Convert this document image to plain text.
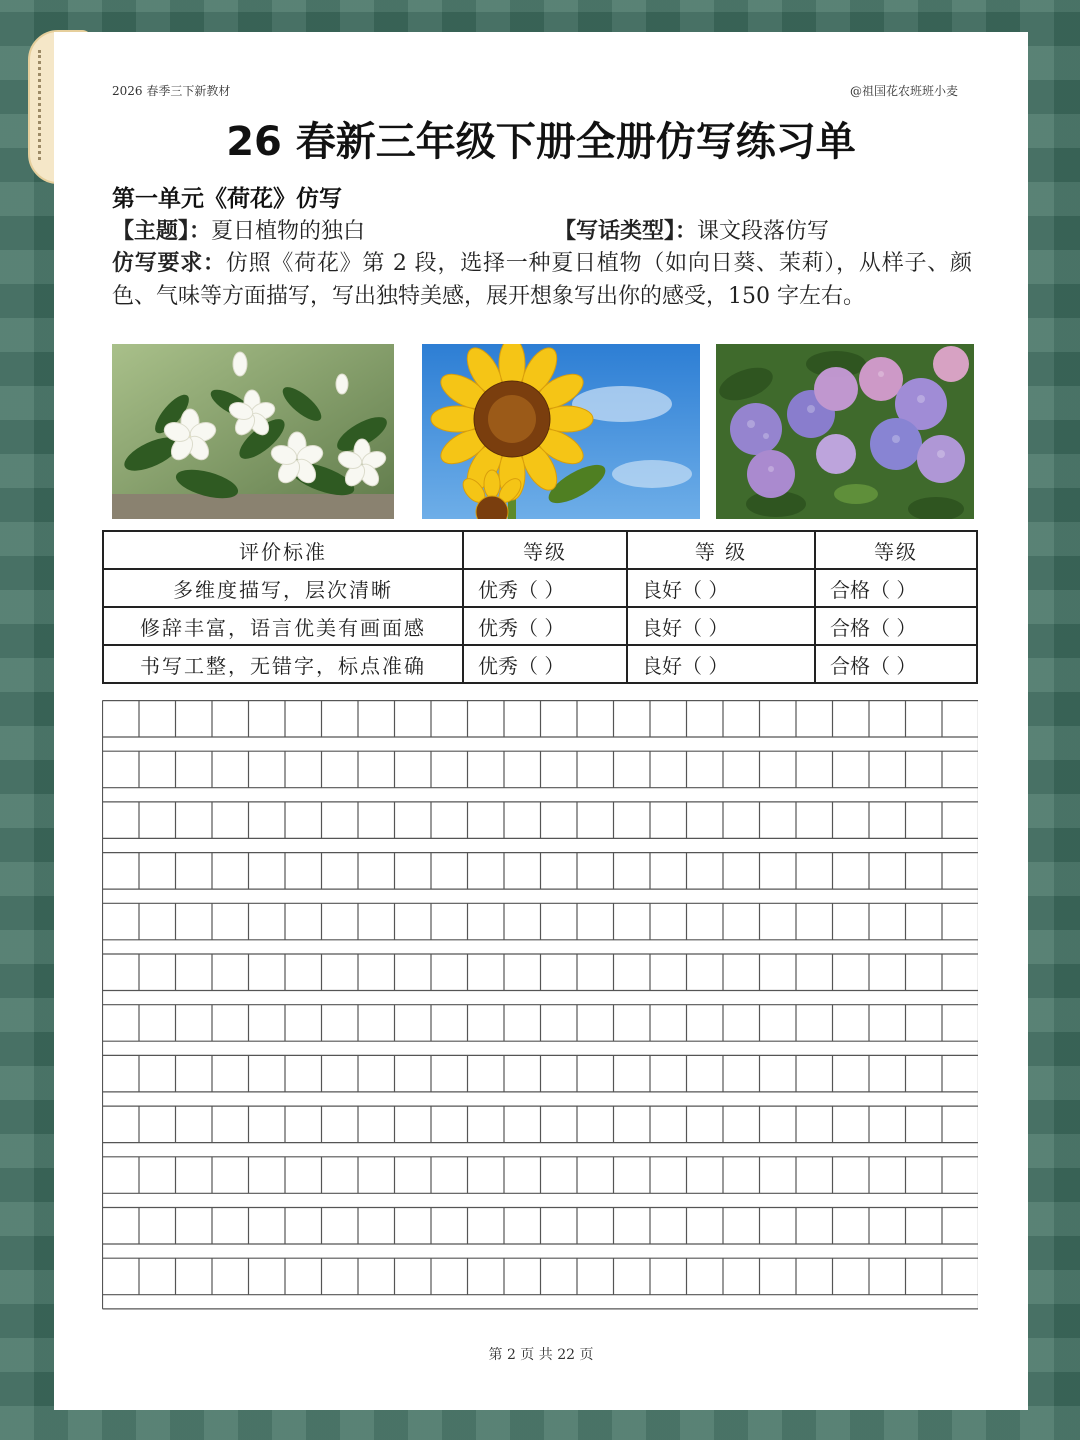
2026 春季三下新教材	@祖国花农班班小麦
26 春新三年级下册全册仿写练习单
第一单元《荷花》仿写
【主题】：夏日植物的独白	【写话类型】：课文段落仿写
仿写要求：仿照《荷花》第 2 段，选择一种夏日植物（如向日葵、茉莉），从样子、颜色、气味等方面描写，写出独特美感，展开想象写出你的感受，150 字左右。
评价标准	等级	等 级	等级
多维度描写，层次清晰	优秀（ ）	良好（ ）	合格（ ）
修辞丰富，语言优美有画面感	优秀（ ）	良好（ ）	合格（ ）
书写工整，无错字，标点准确	优秀（ ）	良好（ ）	合格（ ）
第 2 页 共 22 页
